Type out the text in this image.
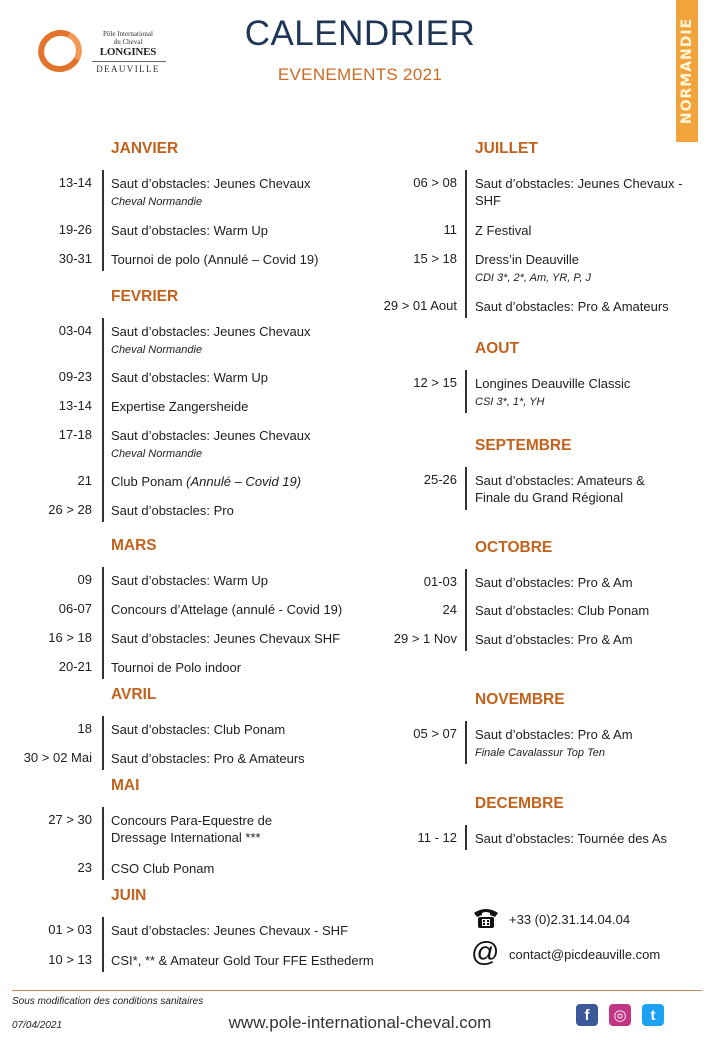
Pôle International
du Cheval
LONGINES
DEAUVILLE
CALENDRIER
EVENEMENTS 2021	NORMANDIE
JANVIER
13-14 Saut d’obstacles: Jeunes Chevaux
Cheval Normandie
19-26 Saut d’obstacles: Warm Up
30-31 Tournoi de polo (Annulé – Covid 19)
FEVRIER
03-04 Saut d’obstacles: Jeunes Chevaux
Cheval Normandie
09-23 Saut d’obstacles: Warm Up
13-14 Expertise Zangersheide
17-18 Saut d’obstacles: Jeunes Chevaux
Cheval Normandie
21 Club Ponam (Annulé – Covid 19)
26 > 28 Saut d’obstacles: Pro
MARS
09 Saut d’obstacles: Warm Up
06-07 Concours d’Attelage (annulé - Covid 19)
16 > 18 Saut d’obstacles: Jeunes Chevaux SHF
20-21 Tournoi de Polo indoor
AVRIL
18 Saut d’obstacles: Club Ponam
30 > 02 Mai Saut d’obstacles: Pro & Amateurs
MAI
27 > 30 Concours Para-Equestre de
Dressage International ***
23 CSO Club Ponam
JUIN
01 > 03 Saut d’obstacles: Jeunes Chevaux - SHF
10 > 13 CSI*, ** & Amateur Gold Tour FFE Esthederm
JUILLET
06 > 08 Saut d’obstacles: Jeunes Chevaux -
SHF
11 Z Festival
15 > 18 Dress’in Deauville
CDI 3*, 2*, Am, YR, P, J
29 > 01 Aout Saut d’obstacles: Pro & Amateurs
AOUT
12 > 15 Longines Deauville Classic
CSI 3*, 1*, YH
SEPTEMBRE
25-26 Saut d’obstacles: Amateurs &
Finale du Grand Régional
OCTOBRE
01-03 Saut d’obstacles: Pro & Am
24 Saut d’obstacles: Club Ponam
29 > 1 Nov Saut d’obstacles: Pro & Am
NOVEMBRE
05 > 07 Saut d’obstacles: Pro & Am
Finale Cavalassur Top Ten
DECEMBRE
11 - 12 Saut d’obstacles: Tournée des As
+33 (0)2.31.14.04.04
@ contact@picdeauville.com
Sous modification des conditions sanitaires
07/04/2021	www.pole-international-cheval.com	f	◎	t
